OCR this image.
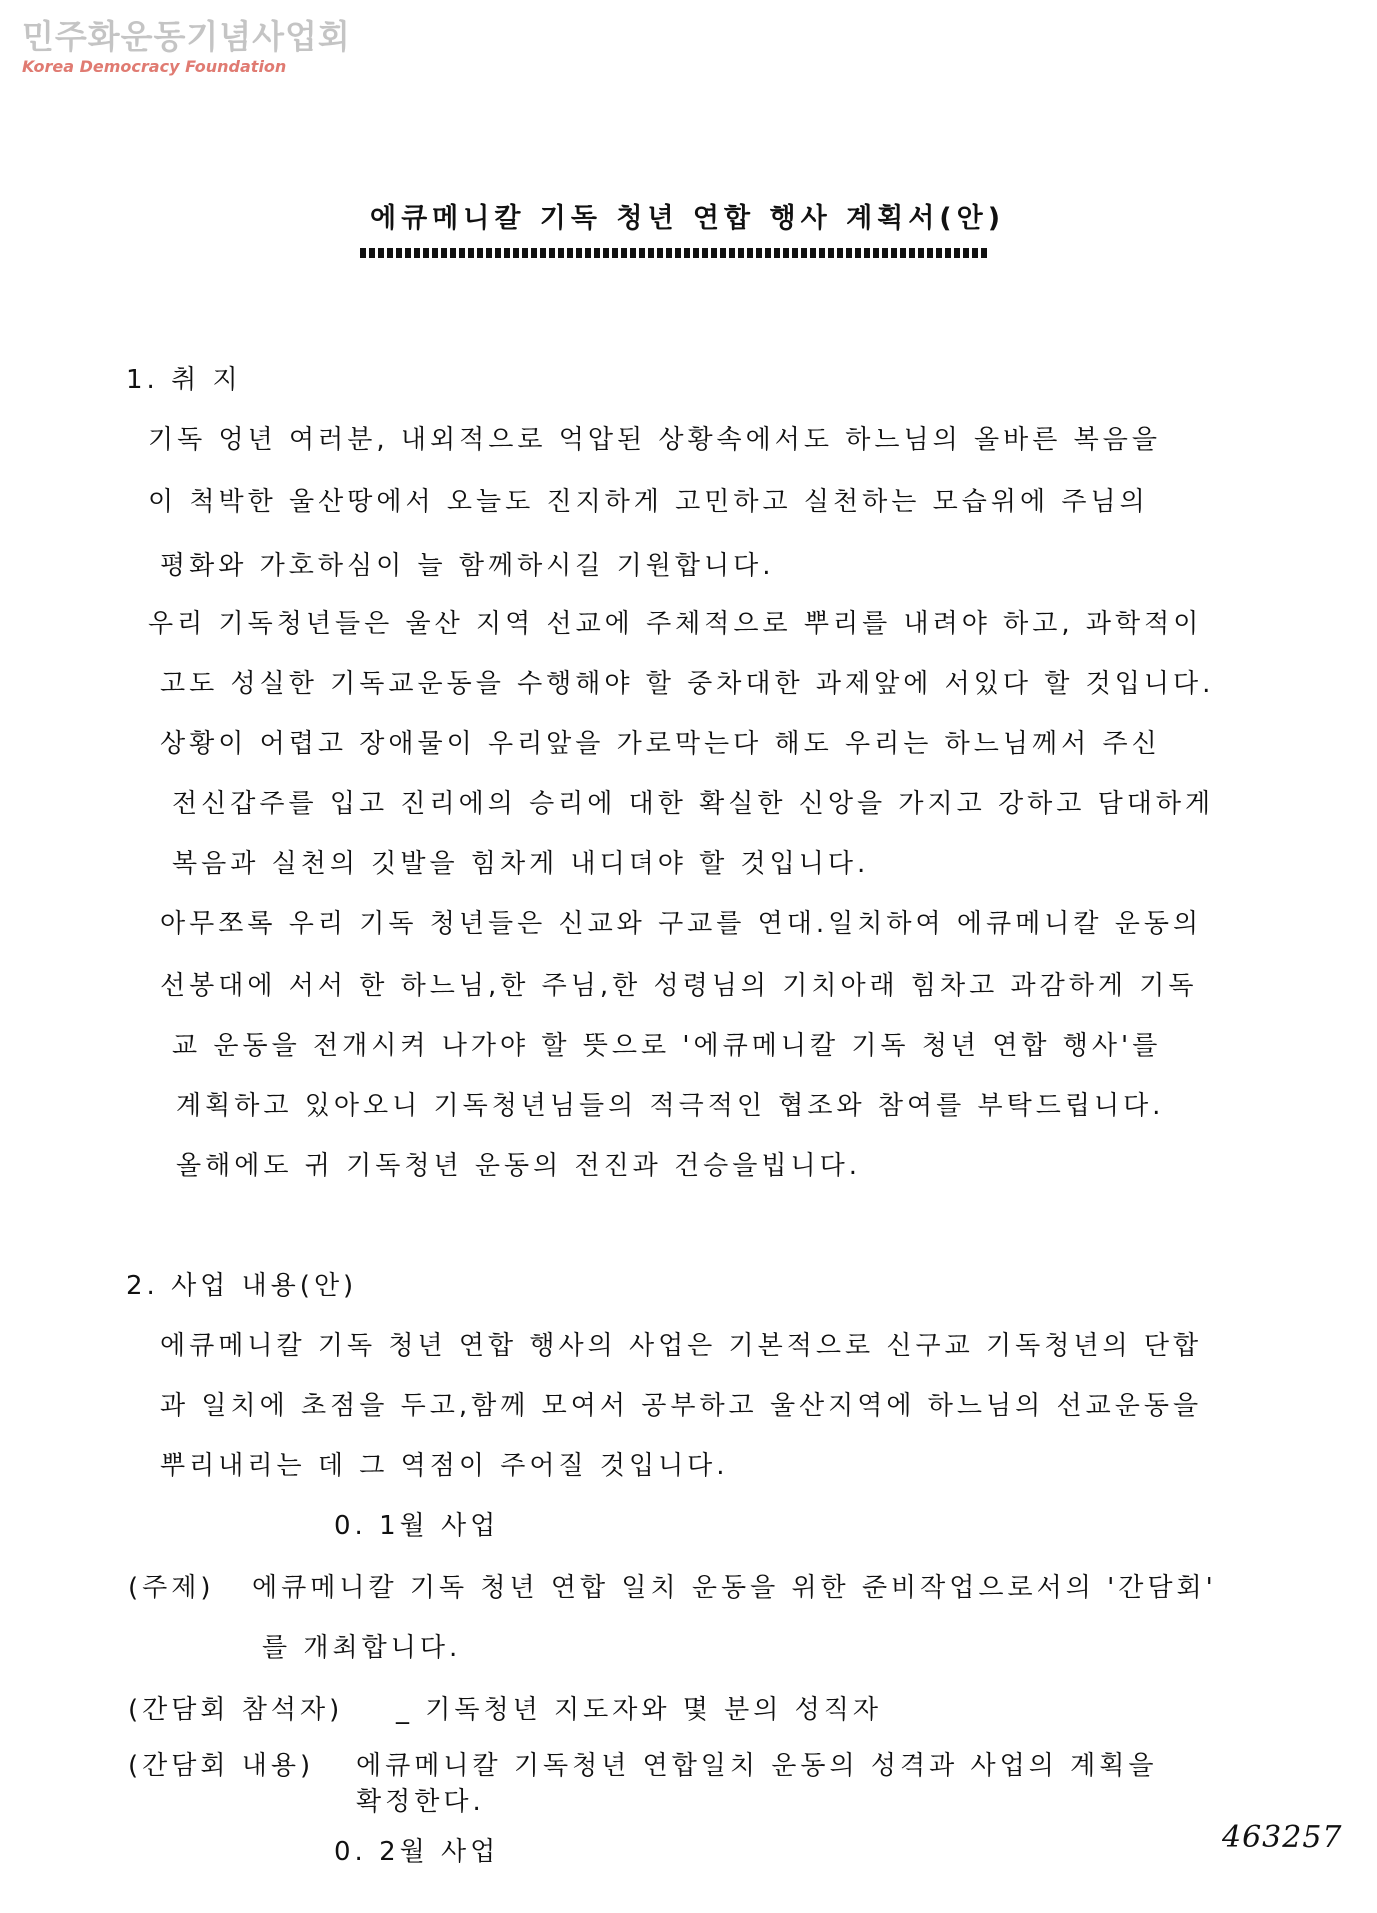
민주화운동기념사업회
Korea Democracy Foundation
에큐메니칼 기독 청년 연합 행사 계획서(안)
1. 취 지
기독 엉년 여러분, 내외적으로 억압된 상황속에서도 하느님의 올바른 복음을
이 척박한 울산땅에서 오늘도 진지하게 고민하고 실천하는 모습위에 주님의
평화와 가호하심이 늘 함께하시길 기원합니다.
우리 기독청년들은 울산 지역 선교에 주체적으로 뿌리를 내려야 하고, 과학적이
고도 성실한 기독교운동을 수행해야 할 중차대한 과제앞에 서있다 할 것입니다.
상황이 어렵고 장애물이 우리앞을 가로막는다 해도 우리는 하느님께서 주신
전신갑주를 입고 진리에의 승리에 대한 확실한 신앙을 가지고 강하고 담대하게
복음과 실천의 깃발을 힘차게 내디뎌야 할 것입니다.
아무쪼록 우리 기독 청년들은 신교와 구교를 연대.일치하여 에큐메니칼 운동의
선봉대에 서서 한 하느님,한 주님,한 성령님의 기치아래 힘차고 과감하게 기독
교 운동을 전개시켜 나가야 할 뜻으로 '에큐메니칼 기독 청년 연합 행사'를
계획하고 있아오니 기독청년님들의 적극적인 협조와 참여를 부탁드립니다.
올해에도 귀 기독청년 운동의 전진과 건승을빕니다.
2. 사업 내용(안)
에큐메니칼 기독 청년 연합 행사의 사업은 기본적으로 신구교 기독청년의 단합
과 일치에 초점을 두고,함께 모여서 공부하고 울산지역에 하느님의 선교운동을
뿌리내리는 데 그 역점이 주어질 것입니다.
0. 1월 사업
(주제) 에큐메니칼 기독 청년 연합 일치 운동을 위한 준비작업으로서의 '간담회'
를 개최합니다.
(간담회 참석자) _ 기독청년 지도자와 몇 분의 성직자
(간담회 내용) 에큐메니칼 기독청년 연합일치 운동의 성격과 사업의 계획을
확정한다.
0. 2월 사업	463257
